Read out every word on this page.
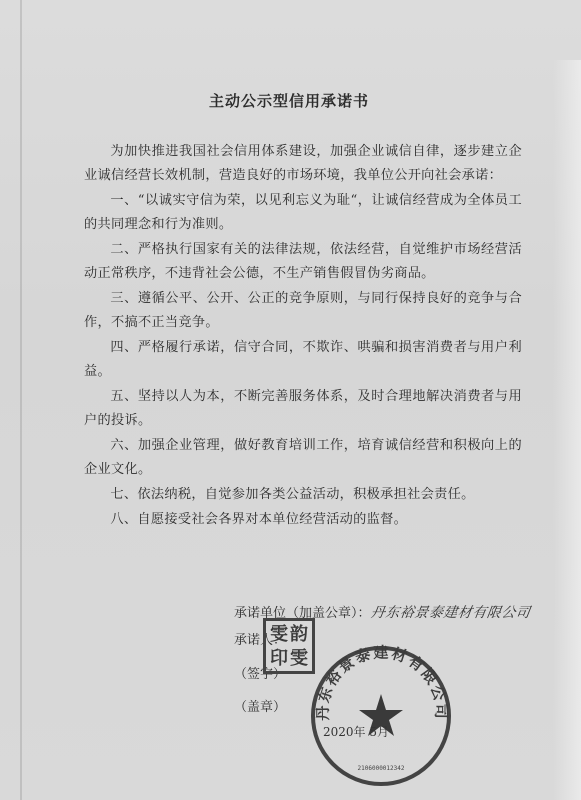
主动公示型信用承诺书

为加快推进我国社会信用体系建设，加强企业诚信自律，逐步建立企业诚信经营长效机制，营造良好的市场环境，我单位公开向社会承诺：

一、“以诚实守信为荣，以见利忘义为耻“，让诚信经营成为全体员工的共同理念和行为准则。

二、严格执行国家有关的法律法规，依法经营，自觉维护市场经营活动正常秩序，不违背社会公德，不生产销售假冒伪劣商品。

三、遵循公平、公开、公正的竞争原则，与同行保持良好的竞争与合作，不搞不正当竞争。

四、严格履行承诺，信守合同，不欺诈、哄骗和损害消费者与用户利益。

五、坚持以人为本，不断完善服务体系，及时合理地解决消费者与用户的投诉。

六、加强企业管理，做好教育培训工作，培育诚信经营和积极向上的企业文化。

七、依法纳税，自觉参加各类公益活动，积极承担社会责任。

八、自愿接受社会各界对本单位经营活动的监督。

承诺单位（加盖公章）：丹东裕景泰建材有限公司
承诺人：
（签字）
（盖章）
雯韵印雯
丹东裕景泰建材有限公司
2106000012342
2020年 5月
